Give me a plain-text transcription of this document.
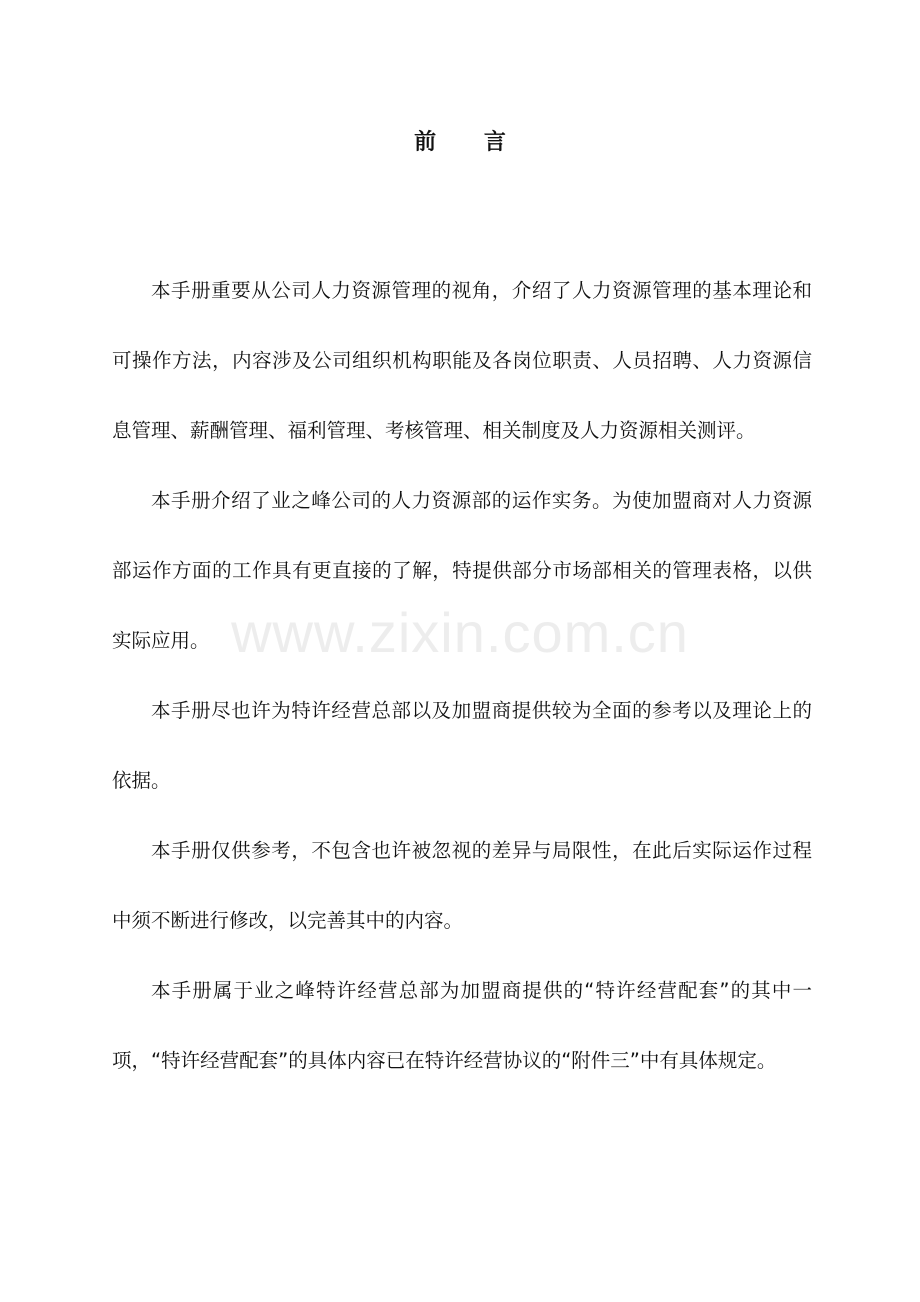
www.zixin.com.cn
前 言

本手册重要从公司人力资源管理的视角，介绍了人力资源管理的基本理论和可操作方法，内容涉及公司组织机构职能及各岗位职责、人员招聘、人力资源信息管理、薪酬管理、福利管理、考核管理、相关制度及人力资源相关测评。

本手册介绍了业之峰公司的人力资源部的运作实务。为使加盟商对人力资源部运作方面的工作具有更直接的了解，特提供部分市场部相关的管理表格，以供实际应用。

本手册尽也许为特许经营总部以及加盟商提供较为全面的参考以及理论上的依据。

本手册仅供参考，不包含也许被忽视的差异与局限性，在此后实际运作过程中须不断进行修改，以完善其中的内容。

本手册属于业之峰特许经营总部为加盟商提供的“特许经营配套”的其中一项，“特许经营配套”的具体内容已在特许经营协议的“附件三”中有具体规定。
